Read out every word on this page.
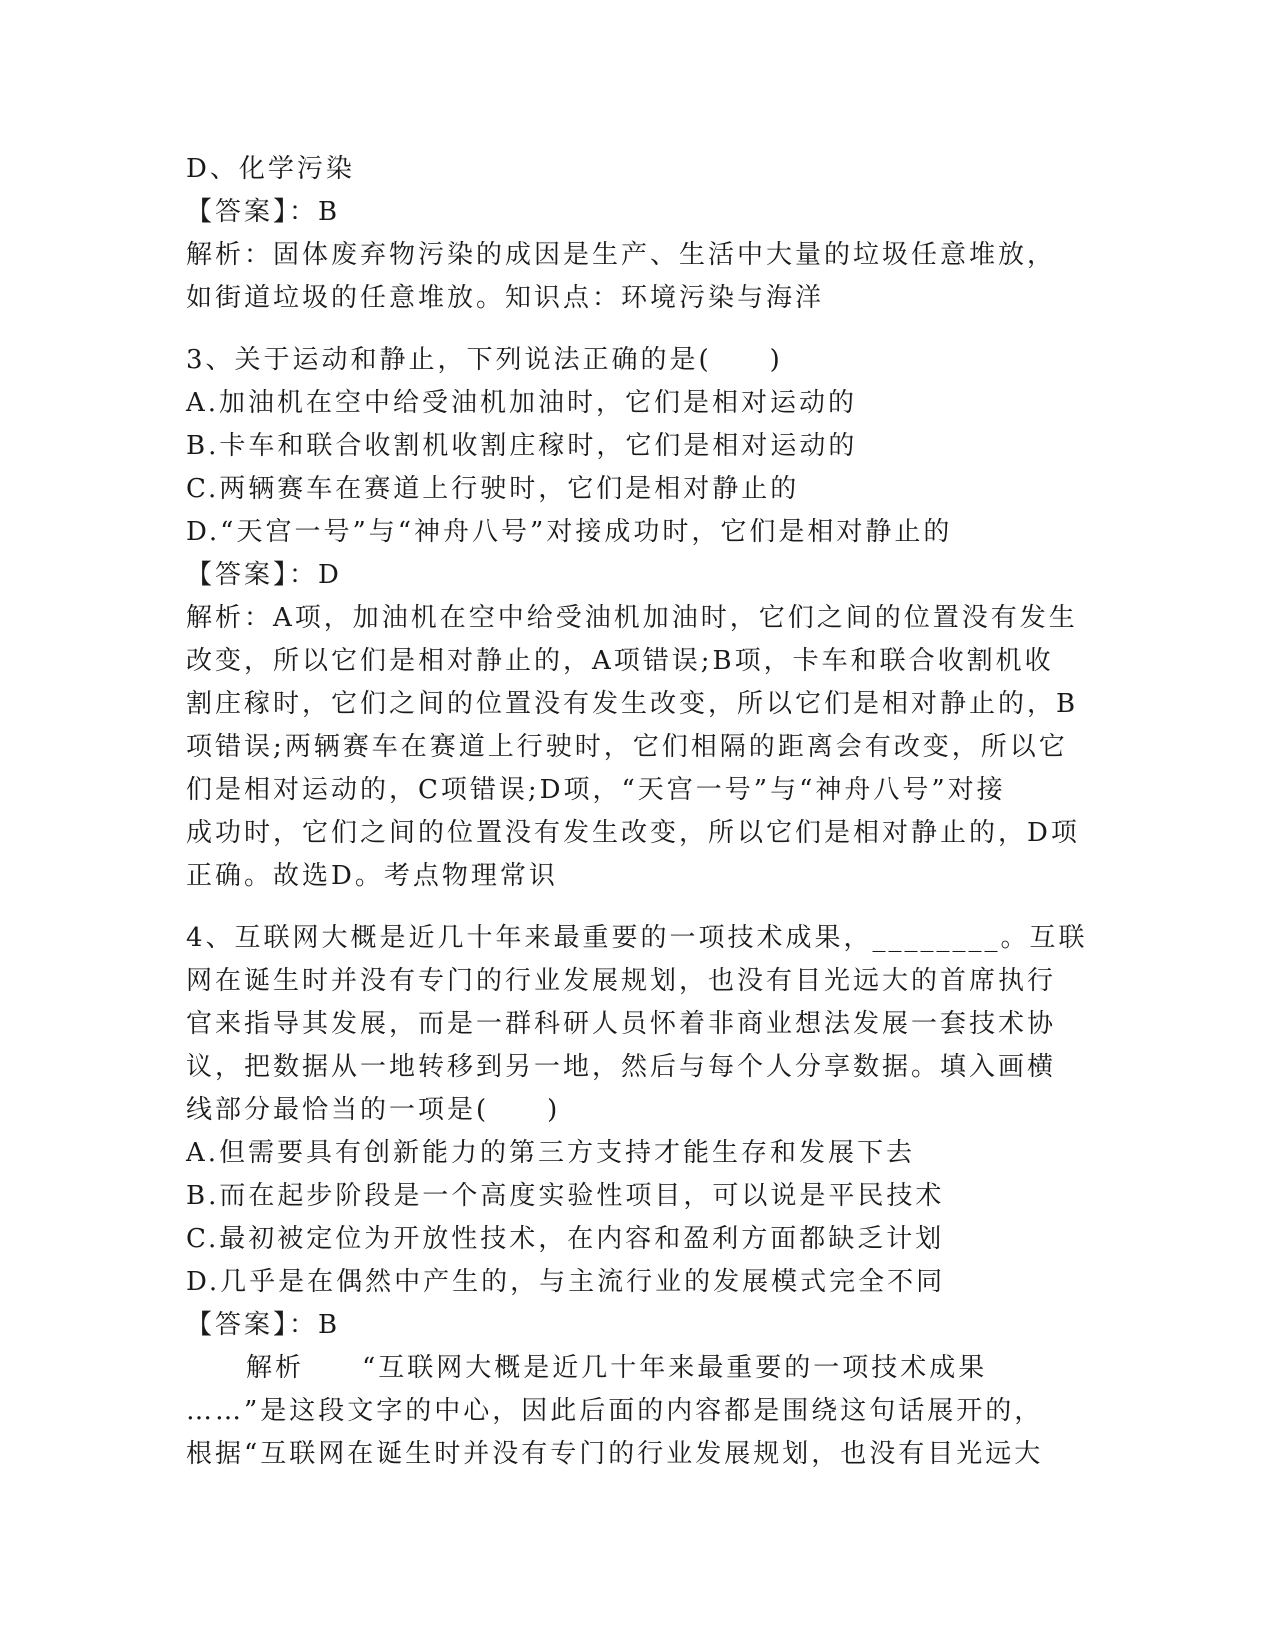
D、化学污染
【答案】：B
解析：固体废弃物污染的成因是生产、生活中大量的垃圾任意堆放，
如街道垃圾的任意堆放。知识点：环境污染与海洋
3、关于运动和静止，下列说法正确的是(　　)
A.加油机在空中给受油机加油时，它们是相对运动的
B.卡车和联合收割机收割庄稼时，它们是相对运动的
C.两辆赛车在赛道上行驶时，它们是相对静止的
D.“天宫一号”与“神舟八号”对接成功时，它们是相对静止的
【答案】：D
解析：A项，加油机在空中给受油机加油时，它们之间的位置没有发生
改变，所以它们是相对静止的，A项错误;B项，卡车和联合收割机收
割庄稼时，它们之间的位置没有发生改变，所以它们是相对静止的，B
项错误;两辆赛车在赛道上行驶时，它们相隔的距离会有改变，所以它
们是相对运动的，C项错误;D项，“天宫一号”与“神舟八号”对接
成功时，它们之间的位置没有发生改变，所以它们是相对静止的，D项
正确。故选D。考点物理常识
4、互联网大概是近几十年来最重要的一项技术成果，________。互联
网在诞生时并没有专门的行业发展规划，也没有目光远大的首席执行
官来指导其发展，而是一群科研人员怀着非商业想法发展一套技术协
议，把数据从一地转移到另一地，然后与每个人分享数据。填入画横
线部分最恰当的一项是(　　)
A.但需要具有创新能力的第三方支持才能生存和发展下去
B.而在起步阶段是一个高度实验性项目，可以说是平民技术
C.最初被定位为开放性技术，在内容和盈利方面都缺乏计划
D.几乎是在偶然中产生的，与主流行业的发展模式完全不同
【答案】：B
解析　　“互联网大概是近几十年来最重要的一项技术成果
……”是这段文字的中心，因此后面的内容都是围绕这句话展开的，
根据“互联网在诞生时并没有专门的行业发展规划，也没有目光远大
